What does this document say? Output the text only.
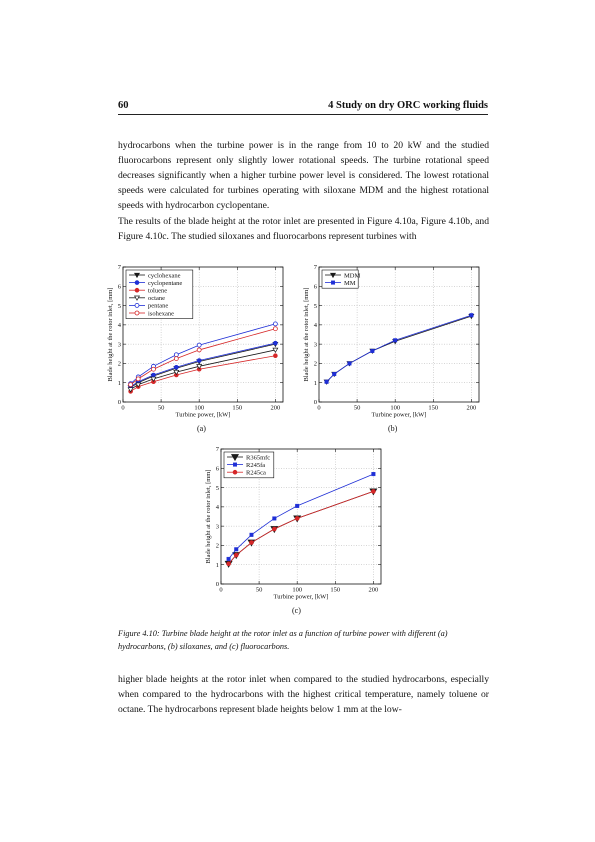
60	4 Study on dry ORC working fluids

hydrocarbons when the turbine power is in the range from 10 to 20 kW and the studied fluorocarbons represent only slightly lower rotational speeds. The turbine rotational speed decreases significantly when a higher turbine power level is considered. The lowest rotational speeds were calculated for turbines operating with siloxane MDM and the highest rotational speeds with hydrocarbon cyclopentane.

The results of the blade height at the rotor inlet are presented in Figure 4.10a, Figure 4.10b, and Figure 4.10c. The studied siloxanes and fluorocarbons represent turbines with

0	50	100	150	200
0
1
2
3
4
5
6
7
Turbine power, [kW]
Blade height at the rotor inlet, [mm]
cyclohexane
cyclopentane
toluene
octane
pentane
isohexane
0	50	100	150	200
0
1
2
3
4
5
6
7
Turbine power, [kW]
Blade height at the rotor inlet, [mm]
MDM
MM
0	50	100	150	200
0
1
2
3
4
5
6
7
Turbine power, [kW]
Blade height at the rotor inlet, [mm]
R365mfc
R245fa
R245ca
(a)	(b)
(c)

Figure 4.10: Turbine blade height at the rotor inlet as a function of turbine power with different (a) hydrocarbons, (b) siloxanes, and (c) fluorocarbons.

higher blade heights at the rotor inlet when compared to the studied hydrocarbons, especially when compared to the hydrocarbons with the highest critical temperature, namely toluene or octane. The hydrocarbons represent blade heights below 1 mm at the low-
